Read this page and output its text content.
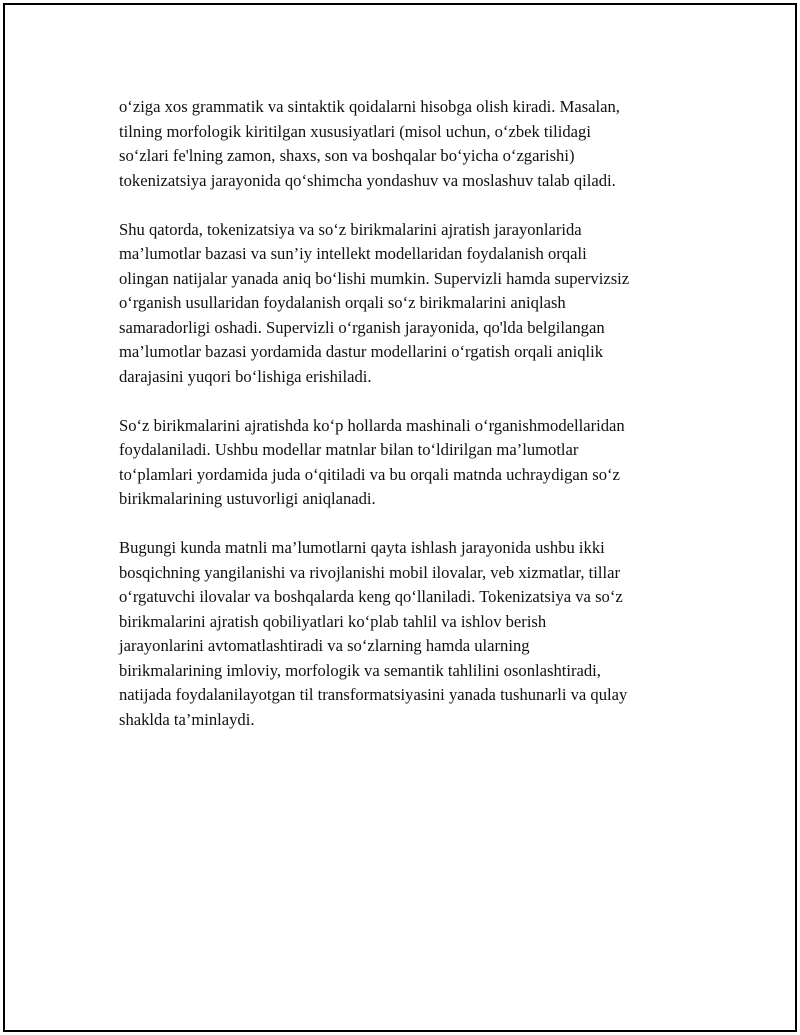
o‘ziga xos grammatik va sintaktik qoidalarni hisobga olish kiradi. Masalan,
tilning morfologik kiritilgan xususiyatlari (misol uchun, o‘zbek tilidagi
so‘zlari fe'lning zamon, shaxs, son va boshqalar bo‘yicha o‘zgarishi)
tokenizatsiya jarayonida qo‘shimcha yondashuv va moslashuv talab qiladi.

Shu qatorda, tokenizatsiya va so‘z birikmalarini ajratish jarayonlarida
ma’lumotlar bazasi va sun’iy intellekt modellaridan foydalanish orqali
olingan natijalar yanada aniq bo‘lishi mumkin. Supervizli hamda supervizsiz
o‘rganish usullaridan foydalanish orqali so‘z birikmalarini aniqlash
samaradorligi oshadi. Supervizli o‘rganish jarayonida, qo'lda belgilangan
ma’lumotlar bazasi yordamida dastur modellarini o‘rgatish orqali aniqlik
darajasini yuqori bo‘lishiga erishiladi.

So‘z birikmalarini ajratishda ko‘p hollarda mashinali o‘rganishmodellaridan
foydalaniladi. Ushbu modellar matnlar bilan to‘ldirilgan ma’lumotlar
to‘plamlari yordamida juda o‘qitiladi va bu orqali matnda uchraydigan so‘z
birikmalarining ustuvorligi aniqlanadi.

Bugungi kunda matnli ma’lumotlarni qayta ishlash jarayonida ushbu ikki
bosqichning yangilanishi va rivojlanishi mobil ilovalar, veb xizmatlar, tillar
o‘rgatuvchi ilovalar va boshqalarda keng qo‘llaniladi. Tokenizatsiya va so‘z
birikmalarini ajratish qobiliyatlari ko‘plab tahlil va ishlov berish
jarayonlarini avtomatlashtiradi va so‘zlarning hamda ularning
birikmalarining imloviy, morfologik va semantik tahlilini osonlashtiradi,
natijada foydalanilayotgan til transformatsiyasini yanada tushunarli va qulay
shaklda ta’minlaydi.
